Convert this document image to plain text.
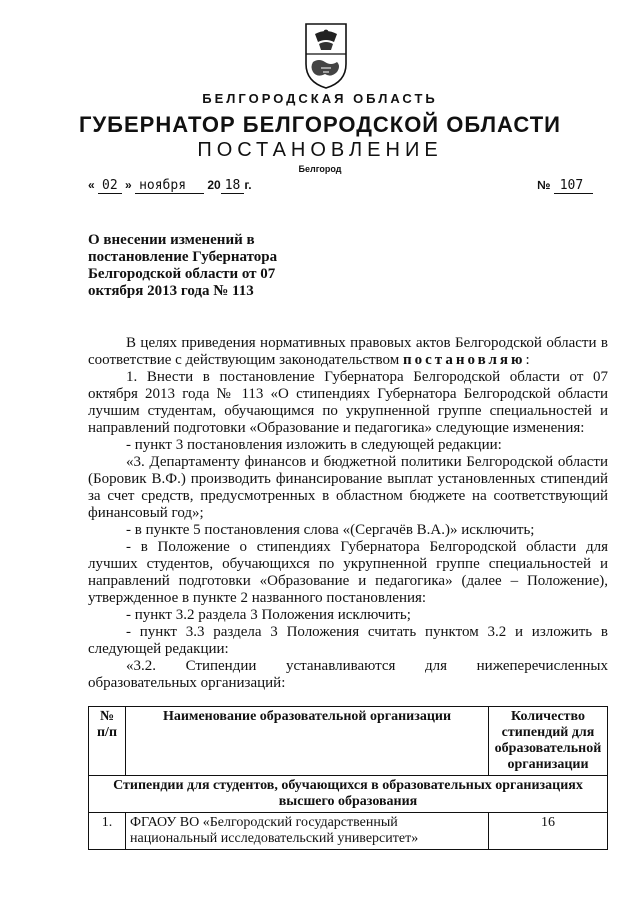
БЕЛГОРОДСКАЯ ОБЛАСТЬ
ГУБЕРНАТОР БЕЛГОРОДСКОЙ ОБЛАСТИ
ПОСТАНОВЛЕНИЕ
Белгород
« 02 » ноября 20 18 г.	№ 107
О внесении изменений в постановление Губернатора Белгородской области от 07 октября 2013 года № 113

В целях приведения нормативных правовых актов Белгородской области в соответствие с действующим законодательством постановляю:

1. Внести в постановление Губернатора Белгородской области от 07 октября 2013 года № 113 «О стипендиях Губернатора Белгородской области лучшим студентам, обучающимся по укрупненной группе специальностей и направлений подготовки «Образование и педагогика» следующие изменения:

- пункт 3 постановления изложить в следующей редакции:

«3. Департаменту финансов и бюджетной политики Белгородской области (Боровик В.Ф.) производить финансирование выплат установленных стипендий за счет средств, предусмотренных в областном бюджете на соответствующий финансовый год»;

- в пункте 5 постановления слова «(Сергачёв В.А.)» исключить;

- в Положение о стипендиях Губернатора Белгородской области для лучших студентов, обучающихся по укрупненной группе специальностей и направлений подготовки «Образование и педагогика» (далее – Положение), утвержденное в пункте 2 названного постановления:

- пункт 3.2 раздела 3 Положения исключить;

- пункт 3.3 раздела 3 Положения считать пунктом 3.2 и изложить в следующей редакции:

«3.2. Стипендии устанавливаются для нижеперечисленных образовательных организаций:

№ п/п	Наименование образовательной организации	Количество стипендий для образовательной организации
Стипендии для студентов, обучающихся в образовательных организациях высшего образования		
1.	ФГАОУ ВО «Белгородский государственный национальный исследовательский университет»	16
